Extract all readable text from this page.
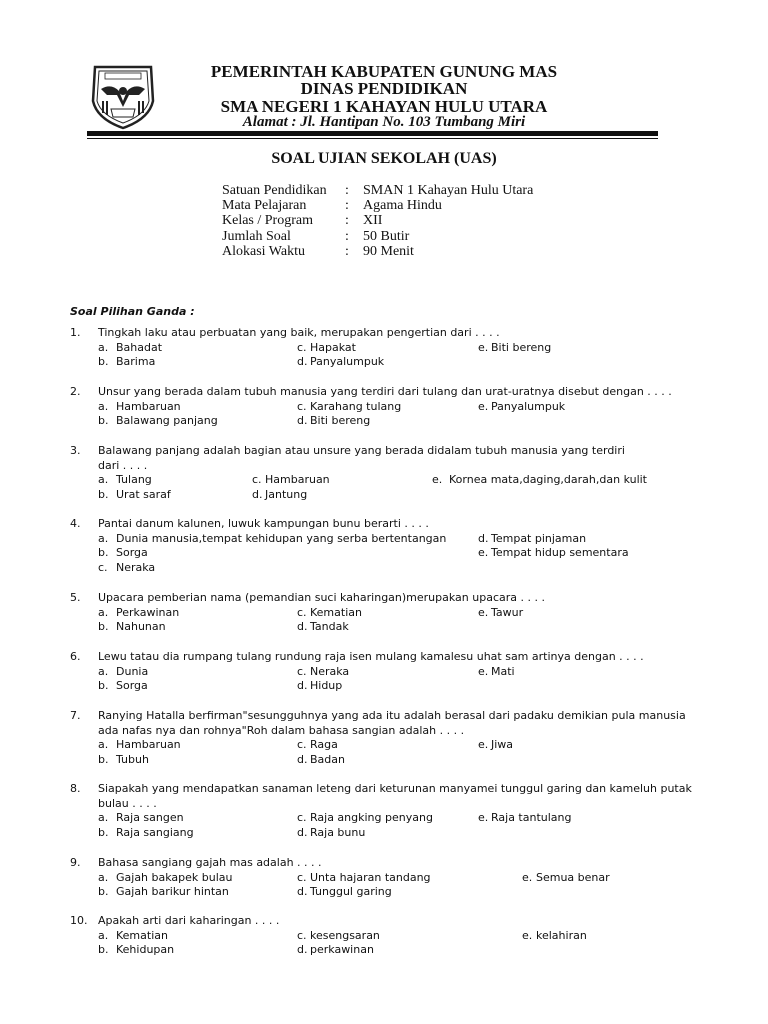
PEMERINTAH KABUPATEN GUNUNG MAS
DINAS PENDIDIKAN
SMA NEGERI 1 KAHAYAN HULU UTARA
Alamat : Jl. Hantipan No. 103 Tumbang Miri
SOAL UJIAN SEKOLAH (UAS)
Satuan Pendidikan : SMAN 1 Kahayan Hulu Utara
Mata Pelajaran	: Agama Hindu
Kelas / Program : XII
Jumlah Soal	: 50 Butir
Alokasi Waktu	: 90 Menit
Soal Pilihan Ganda :
1. Tingkah laku atau perbuatan yang baik, merupakan pengertian dari . . . .
a. Bahadat	c. Hapakat	e. Biti bereng
b. Barima	d. Panyalumpuk
2. Unsur yang berada dalam tubuh manusia yang terdiri dari tulang dan urat-uratnya disebut dengan . . . .
a. Hambaruan	c. Karahang tulang	e. Panyalumpuk
b. Balawang panjang	d. Biti bereng
3. Balawang panjang adalah bagian atau unsure yang berada didalam tubuh manusia yang terdiri
dari . . . .
a. Tulang	c. Hambaruan	e. Kornea mata,daging,darah,dan kulit
b. Urat saraf	d. Jantung
4. Pantai danum kalunen, luwuk kampungan bunu berarti . . . .
a. Dunia manusia,tempat kehidupan yang serba bertentangan	d. Tempat pinjaman
b. Sorga	e. Tempat hidup sementara
c. Neraka
5. Upacara pemberian nama (pemandian suci kaharingan)merupakan upacara . . . .
a. Perkawinan	c. Kematian	e. Tawur
b. Nahunan	d. Tandak
6. Lewu tatau dia rumpang tulang rundung raja isen mulang kamalesu uhat sam artinya dengan . . . .
a. Dunia	c. Neraka	e. Mati
b. Sorga	d. Hidup
7. Ranying Hatalla berfirman"sesungguhnya yang ada itu adalah berasal dari padaku demikian pula manusia
ada nafas nya dan rohnya"Roh dalam bahasa sangian adalah . . . .
a. Hambaruan	c. Raga	e. Jiwa
b. Tubuh	d. Badan
8. Siapakah yang mendapatkan sanaman leteng dari keturunan manyamei tunggul garing dan kameluh putak
bulau . . . .
a. Raja sangen	c. Raja angking penyang	e. Raja tantulang
b. Raja sangiang	d. Raja bunu
9. Bahasa sangiang gajah mas adalah . . . .
a. Gajah bakapek bulau	c. Unta hajaran tandang	e. Semua benar
b. Gajah barikur hintan	d. Tunggul garing
10. Apakah arti dari kaharingan . . . .
a. Kematian	c. kesengsaran	e. kelahiran
b. Kehidupan	d. perkawinan
